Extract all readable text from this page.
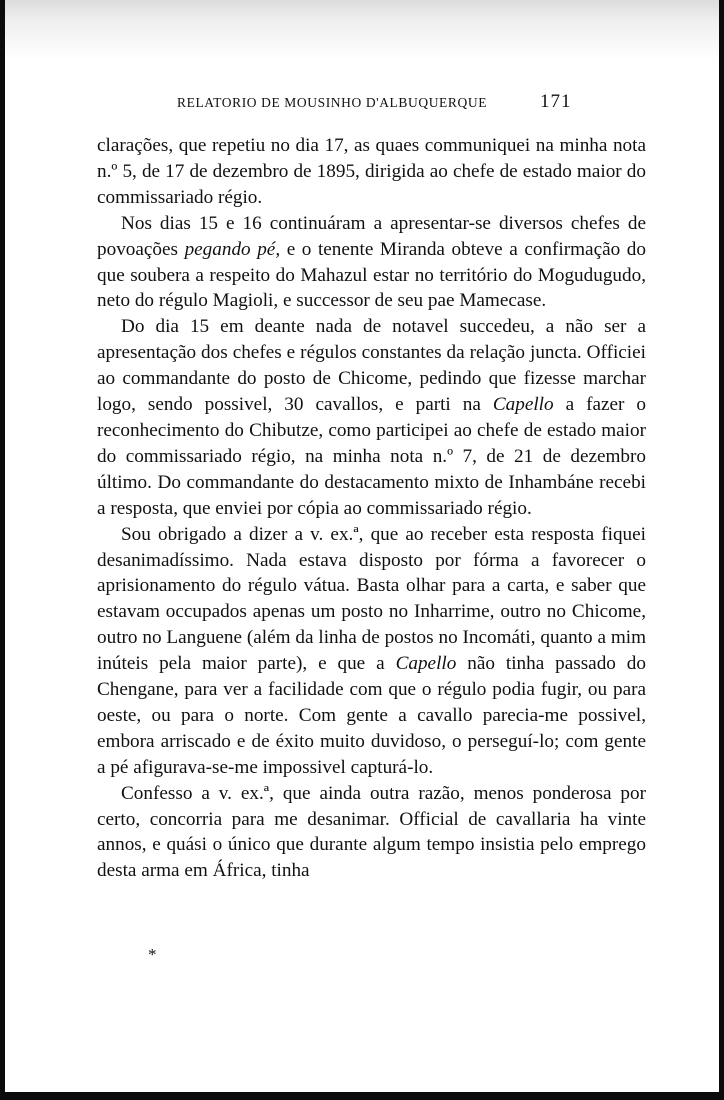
RELATORIO DE MOUSINHO D'ALBUQUERQUE	171

clarações, que repetiu no dia 17, as quaes communiquei na minha nota n.º 5, de 17 de dezembro de 1895, dirigida ao chefe de estado maior do commissariado régio.

Nos dias 15 e 16 continuáram a apresentar-se diversos chefes de povoações pegando pé, e o tenente Miranda obteve a confirmação do que soubera a respeito do Mahazul estar no território do Mogudugudo, neto do régulo Magioli, e successor de seu pae Mamecase.

Do dia 15 em deante nada de notavel succedeu, a não ser a apresentação dos chefes e régulos constantes da relação juncta. Officiei ao commandante do posto de Chicome, pedindo que fizesse marchar logo, sendo possivel, 30 cavallos, e parti na Capello a fazer o reconhecimento do Chibutze, como participei ao chefe de estado maior do commissariado régio, na minha nota n.º 7, de 21 de dezembro último. Do commandante do destacamento mixto de Inhambáne recebi a resposta, que enviei por cópia ao commissariado régio.

Sou obrigado a dizer a v. ex.ª, que ao receber esta resposta fiquei desanimadíssimo. Nada estava disposto por fórma a favorecer o aprisionamento do régulo vátua. Basta olhar para a carta, e saber que estavam occupados apenas um posto no Inharrime, outro no Chicome, outro no Languene (além da linha de postos no Incomáti, quanto a mim inúteis pela maior parte), e que a Capello não tinha passado do Chengane, para ver a facilidade com que o régulo podia fugir, ou para oeste, ou para o norte. Com gente a cavallo parecia-me possivel, embora arriscado e de éxito muito duvidoso, o perseguí-lo; com gente a pé afigurava-se-me impossivel capturá-lo.

Confesso a v. ex.ª, que ainda outra razão, menos ponderosa por certo, concorria para me desanimar. Official de cavallaria ha vinte annos, e quási o único que durante algum tempo insistia pelo emprego desta arma em África, tinha

*
